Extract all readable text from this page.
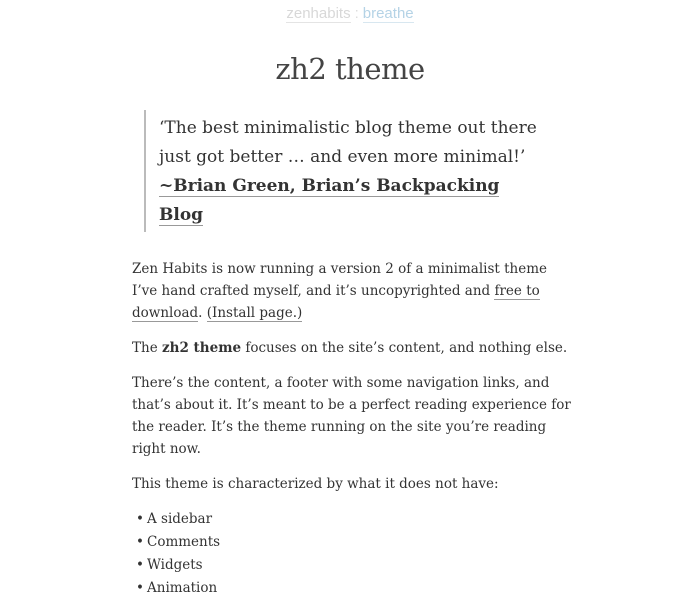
zenhabits : breathe
zh2 theme
‘The best minimalistic blog theme out there just got better … and even more minimal!’ ~Brian Green, Brian’s Backpacking Blog

Zen Habits is now running a version 2 of a minimalist theme I’ve hand crafted myself, and it’s uncopyrighted and free to download. (Install page.)

The zh2 theme focuses on the site’s content, and nothing else.

There’s the content, a footer with some navigation links, and that’s about it. It’s meant to be a perfect reading experience for the reader. It’s the theme running on the site you’re reading right now.

This theme is characterized by what it does not have:

• A sidebar
• Comments
• Widgets
• Animation
